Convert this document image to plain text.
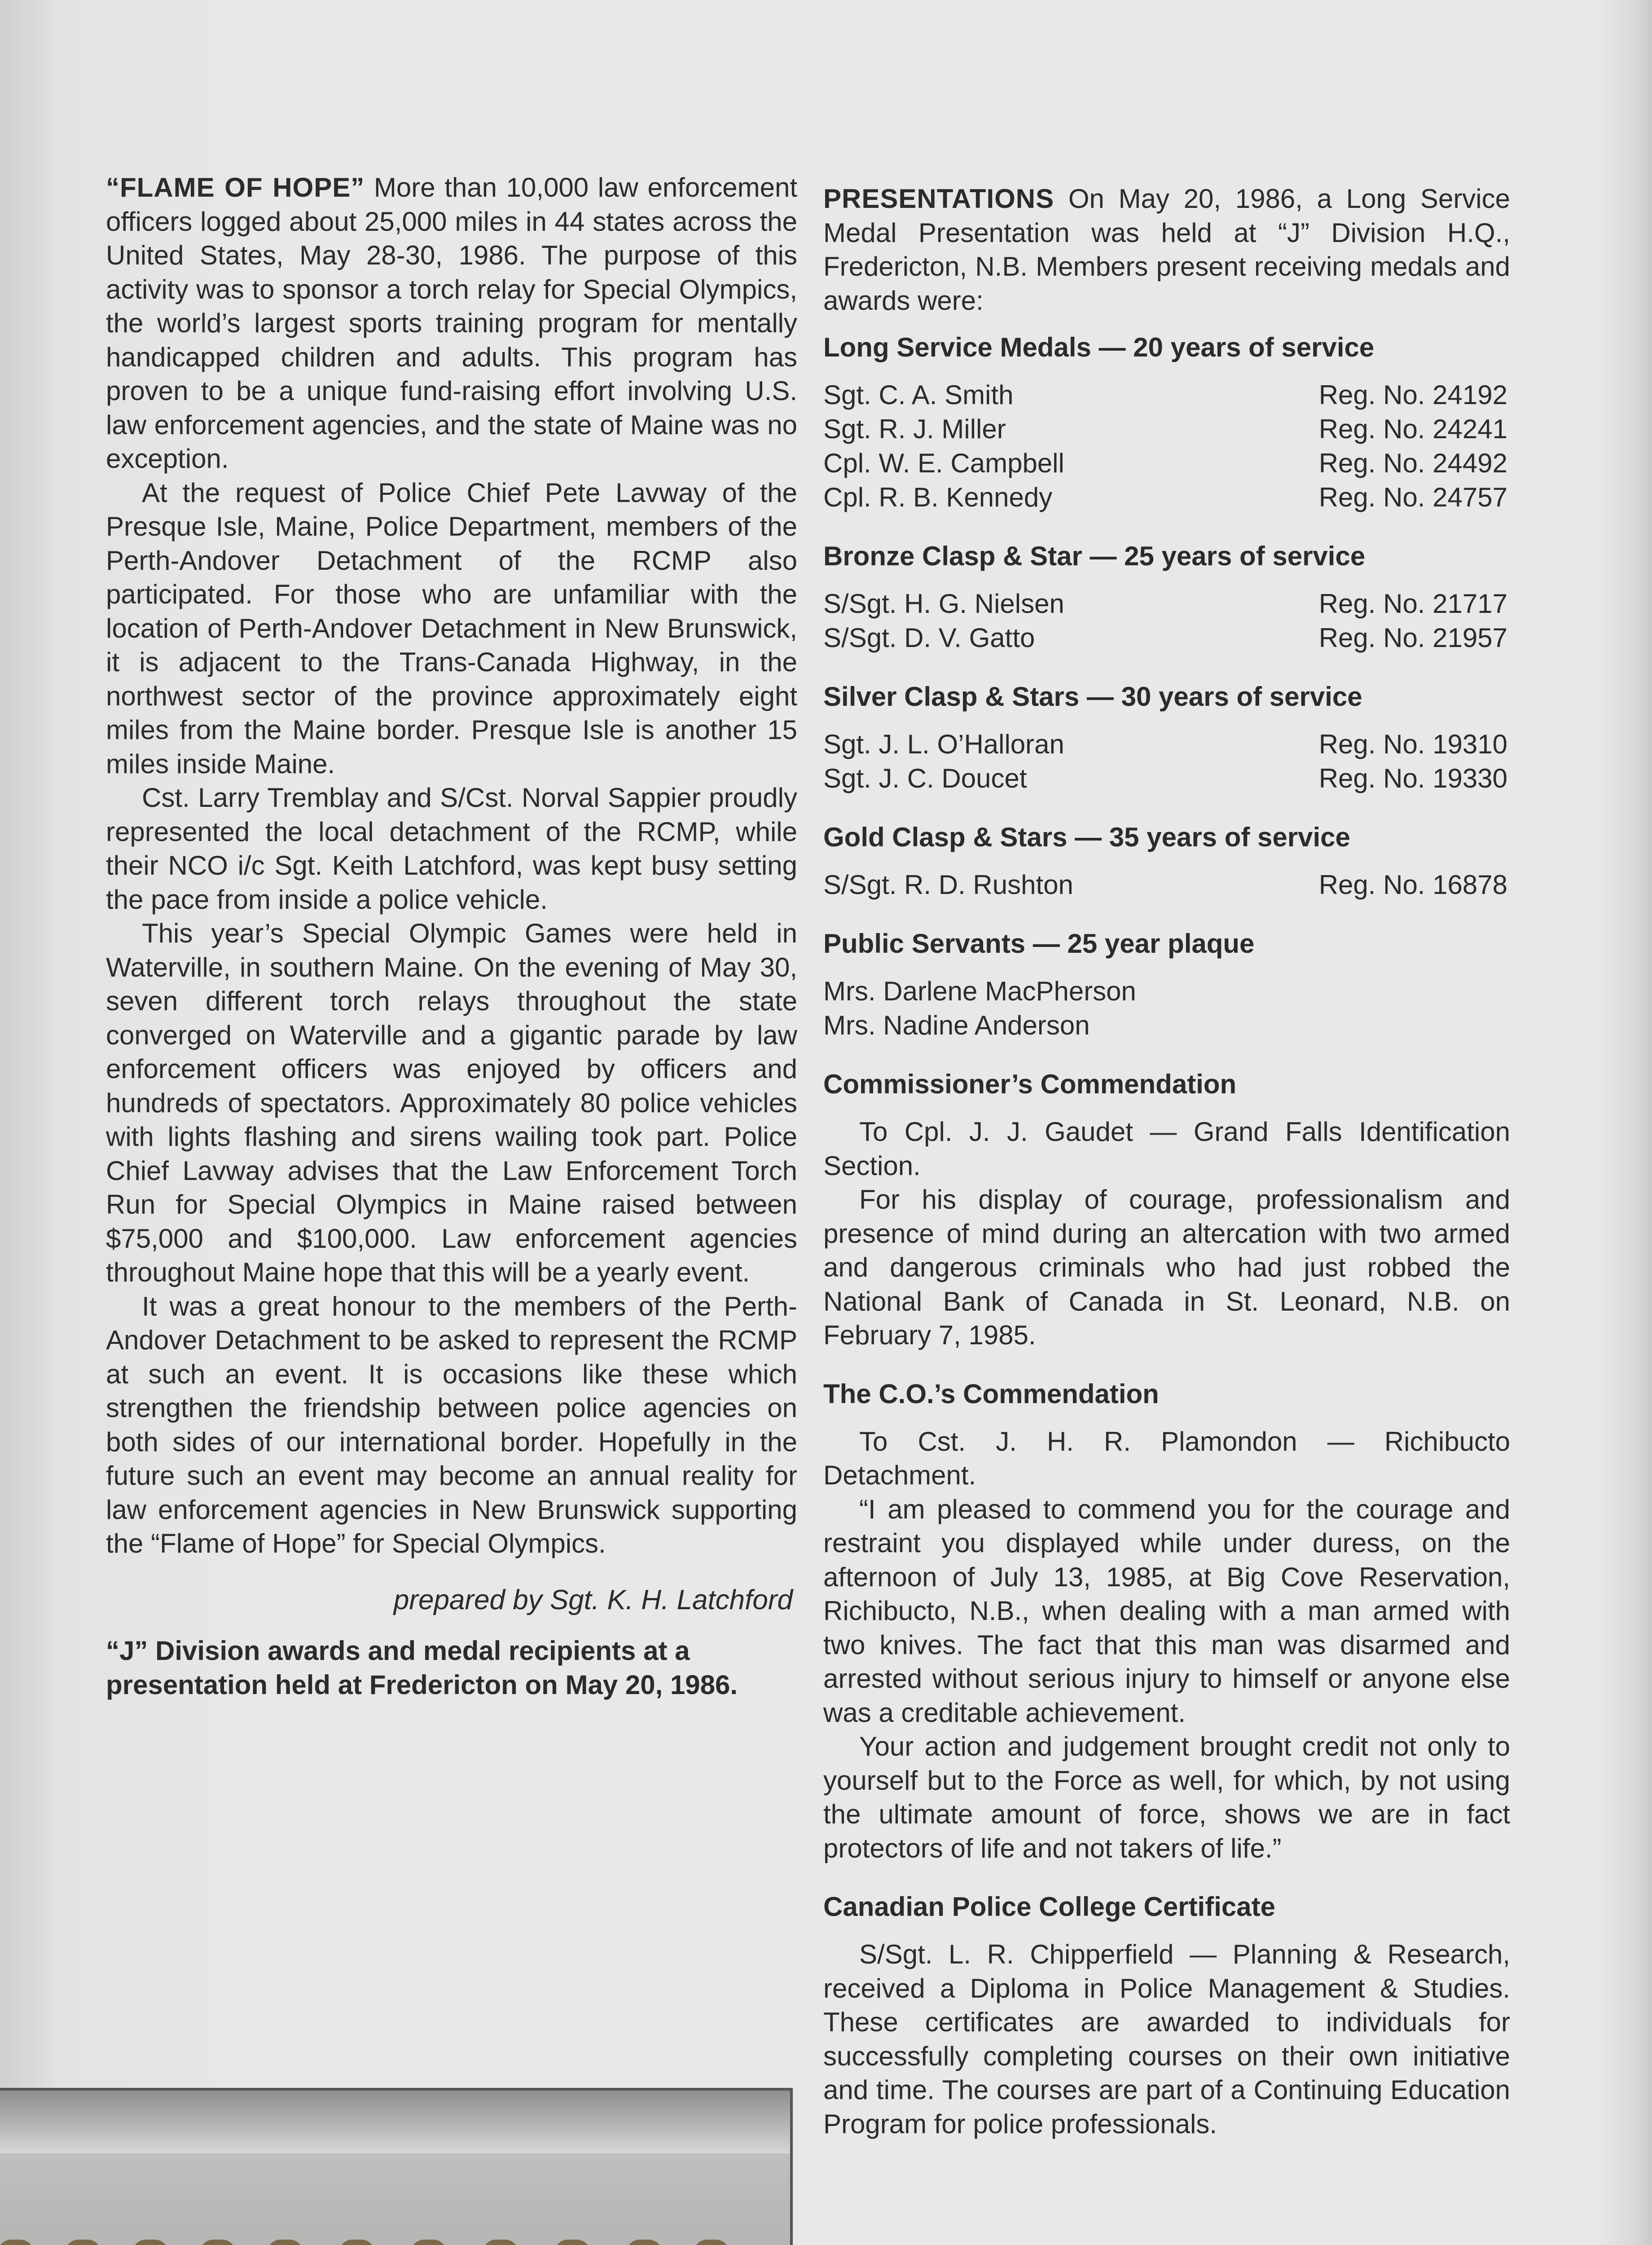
“FLAME OF HOPE” More than 10,000 law enforcement officers logged about 25,000 miles in 44 states across the United States, May 28-30, 1986. The purpose of this activity was to sponsor a torch relay for Special Olympics, the world’s largest sports training program for mentally handicapped children and adults. This program has proven to be a unique fund-raising effort involving U.S. law enforcement agencies, and the state of Maine was no exception.

At the request of Police Chief Pete Lavway of the Presque Isle, Maine, Police Department, members of the Perth-Andover Detachment of the RCMP also participated. For those who are unfamiliar with the location of Perth-Andover Detachment in New Brunswick, it is adjacent to the Trans-Canada Highway, in the northwest sector of the province approximately eight miles from the Maine border. Presque Isle is another 15 miles inside Maine.

Cst. Larry Tremblay and S/Cst. Norval Sappier proudly represented the local detachment of the RCMP, while their NCO i/c Sgt. Keith Latchford, was kept busy setting the pace from inside a police vehicle.

This year’s Special Olympic Games were held in Waterville, in southern Maine. On the evening of May 30, seven different torch relays throughout the state converged on Waterville and a gigantic parade by law enforcement officers was enjoyed by officers and hundreds of spectators. Approximately 80 police vehicles with lights flashing and sirens wailing took part. Police Chief Lavway advises that the Law Enforcement Torch Run for Special Olympics in Maine raised between $75,000 and $100,000. Law enforcement agencies throughout Maine hope that this will be a yearly event.

It was a great honour to the members of the Perth-Andover Detachment to be asked to represent the RCMP at such an event. It is occasions like these which strengthen the friendship between police agencies on both sides of our international border. Hopefully in the future such an event may become an annual reality for law enforcement agencies in New Brunswick supporting the “Flame of Hope” for Special Olympics.

prepared by Sgt. K. H. Latchford

“J” Division awards and medal recipients at a presentation held at Fredericton on May 20, 1986.

PRESENTATIONS On May 20, 1986, a Long Service Medal Presentation was held at “J” Division H.Q., Fredericton, N.B. Members present receiving medals and awards were:

Long Service Medals — 20 years of service
Sgt. C. A. Smith	Reg. No. 24192
Sgt. R. J. Miller	Reg. No. 24241
Cpl. W. E. Campbell	Reg. No. 24492
Cpl. R. B. Kennedy	Reg. No. 24757
Bronze Clasp & Star — 25 years of service
S/Sgt. H. G. Nielsen	Reg. No. 21717
S/Sgt. D. V. Gatto	Reg. No. 21957
Silver Clasp & Stars — 30 years of service
Sgt. J. L. O’Halloran	Reg. No. 19310
Sgt. J. C. Doucet	Reg. No. 19330
Gold Clasp & Stars — 35 years of service
S/Sgt. R. D. Rushton	Reg. No. 16878
Public Servants — 25 year plaque

Mrs. Darlene MacPherson

Mrs. Nadine Anderson

Commissioner’s Commendation

To Cpl. J. J. Gaudet — Grand Falls Identification Section.

For his display of courage, professionalism and presence of mind during an altercation with two armed and dangerous criminals who had just robbed the National Bank of Canada in St. Leonard, N.B. on February 7, 1985.

The C.O.’s Commendation

To Cst. J. H. R. Plamondon — Richibucto Detachment.

“I am pleased to commend you for the courage and restraint you displayed while under duress, on the afternoon of July 13, 1985, at Big Cove Reservation, Richibucto, N.B., when dealing with a man armed with two knives. The fact that this man was disarmed and arrested without serious injury to himself or anyone else was a creditable achievement.

Your action and judgement brought credit not only to yourself but to the Force as well, for which, by not using the ultimate amount of force, shows we are in fact protectors of life and not takers of life.”

Canadian Police College Certificate

S/Sgt. L. R. Chipperfield — Planning & Research, received a Diploma in Police Management & Studies. These certificates are awarded to individuals for successfully completing courses on their own initiative and time. The courses are part of a Continuing Education Program for police professionals.
